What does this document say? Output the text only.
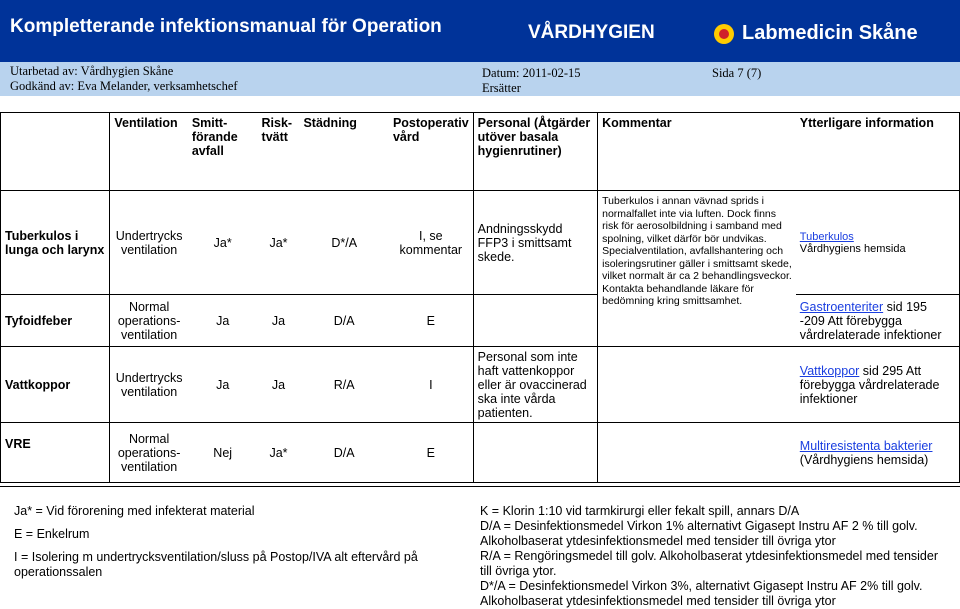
Kompletterande infektionsmanual för Operation	VÅRDHYGIEN	Labmedicin Skåne
Utarbetad av: Vårdhygien Skåne
Godkänd av: Eva Melander, verksamhetschef
Datum: 2011-02-15
Ersätter
Sida 7 (7)
	Ventilation	Smitt-
förande
avfall	Risk-
tvätt	Städning	Postoperativ
vård	Personal (Åtgärder
utöver basala
hygienrutiner)	Kommentar	Ytterligare information
Tuberkulos i lunga och larynx	Undertrycks ventilation	Ja*	Ja*	D*/A	I, se kommentar	Andningsskydd FFP3 i smittsamt skede.	Tuberkulos i annan vävnad sprids i normalfallet inte via luften. Dock finns risk för aerosolbildning i samband med spolning, vilket därför bör undvikas. Specialventilation, avfallshantering och isoleringsrutiner gäller i smittsamt skede, vilket normalt är ca 2 behandlingsveckor. Kontakta behandlande läkare för bedömning kring smittsamhet.	Tuberkulos
Vårdhygiens hemsida
Tyfoidfeber	Normal operations-ventilation	Ja	Ja	D/A	E			Gastroenteriter sid 195 -209 Att förebygga vårdrelaterade infektioner
Vattkoppor	Undertrycks ventilation	Ja	Ja	R/A	I	Personal som inte haft vattenkoppor eller är ovaccinerad ska inte vårda patienten.		Vattkoppor sid 295 Att förebygga vårdrelaterade infektioner
VRE	Normal operations-ventilation	Nej	Ja*	D/A	E			Multiresistenta bakterier
(Vårdhygiens hemsida)
Ja* = Vid förorening med infekterat material
E = Enkelrum
I = Isolering m undertrycksventilation/sluss på Postop/IVA alt eftervård på operationssalen
K = Klorin 1:10 vid tarmkirurgi eller fekalt spill, annars D/A
D/A = Desinfektionsmedel Virkon 1% alternativt Gigasept Instru AF 2 % till golv. Alkoholbaserat ytdesinfektionsmedel med tensider till övriga ytor
R/A = Rengöringsmedel till golv. Alkoholbaserat ytdesinfektionsmedel med tensider till övriga ytor.
D*/A = Desinfektionsmedel Virkon 3%, alternativt Gigasept Instru AF 2% till golv. Alkoholbaserat ytdesinfektionsmedel med tensider till övriga ytor
